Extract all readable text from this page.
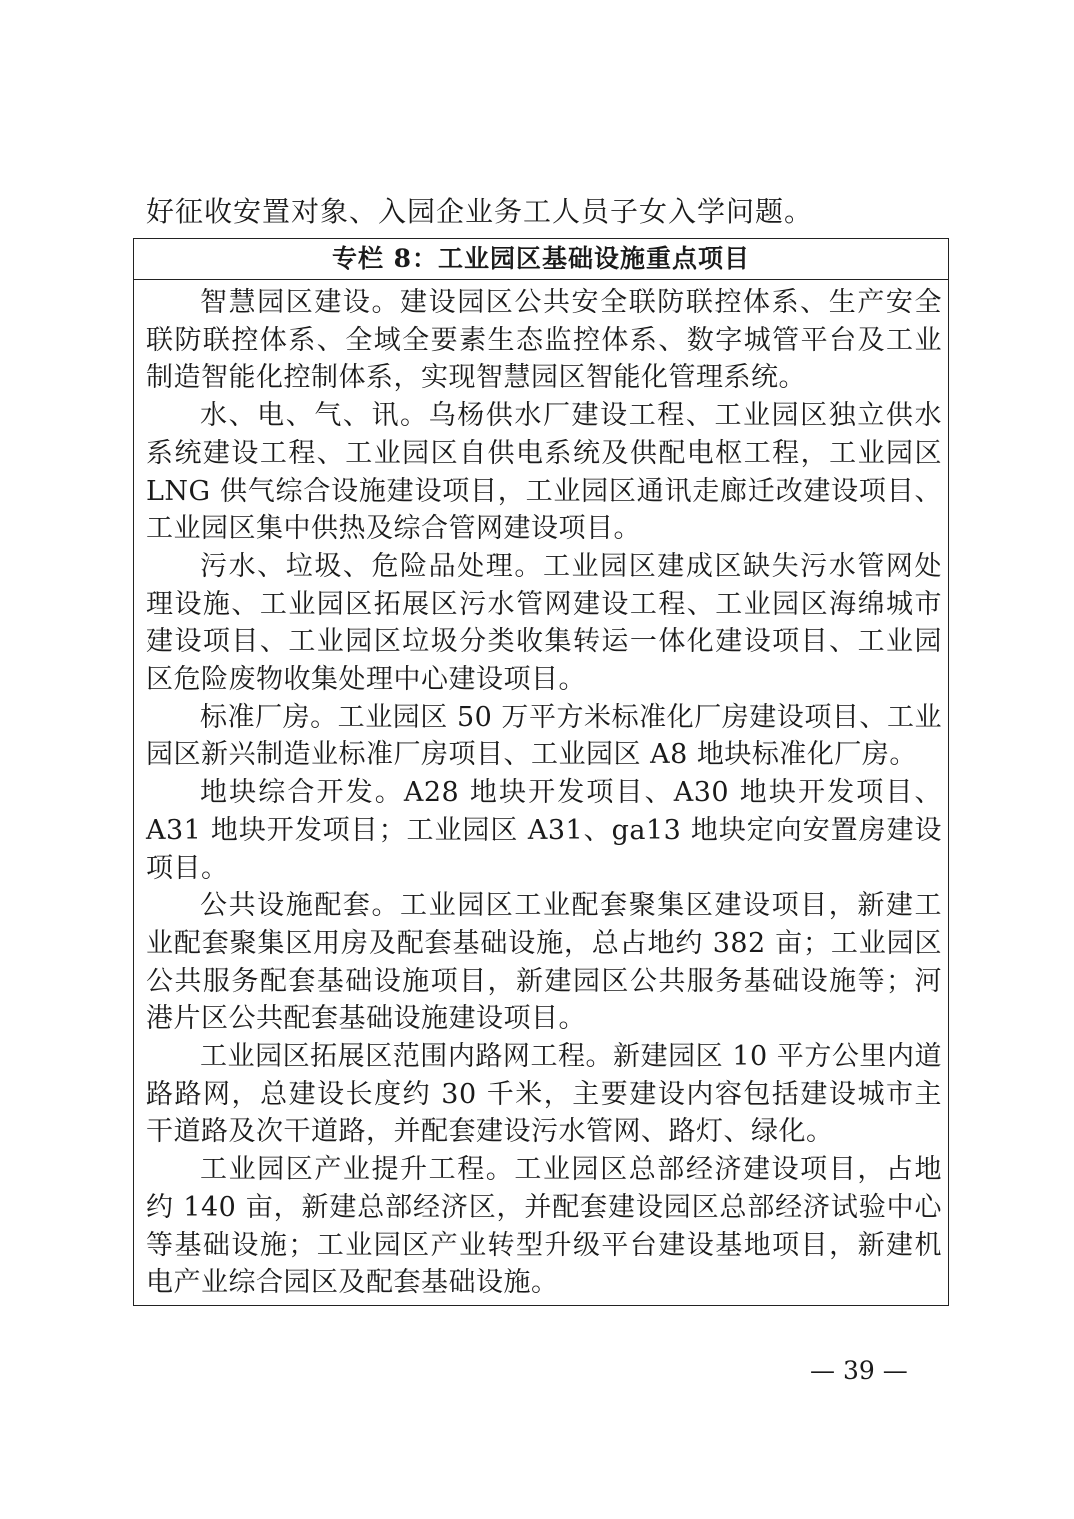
好征收安置对象、入园企业务工人员子女入学问题。
专栏 8：工业园区基础设施重点项目

智慧园区建设。建设园区公共安全联防联控体系、生产安全联防联控体系、全域全要素生态监控体系、数字城管平台及工业制造智能化控制体系，实现智慧园区智能化管理系统。

水、电、气、讯。乌杨供水厂建设工程、工业园区独立供水系统建设工程、工业园区自供电系统及供配电枢工程，工业园区 LNG 供气综合设施建设项目，工业园区通讯走廊迁改建设项目、工业园区集中供热及综合管网建设项目。

污水、垃圾、危险品处理。工业园区建成区缺失污水管网处理设施、工业园区拓展区污水管网建设工程、工业园区海绵城市建设项目、工业园区垃圾分类收集转运一体化建设项目、工业园区危险废物收集处理中心建设项目。

标准厂房。工业园区 50 万平方米标准化厂房建设项目、工业园区新兴制造业标准厂房项目、工业园区 A8 地块标准化厂房。

地块综合开发。A28 地块开发项目、A30 地块开发项目、A31 地块开发项目；工业园区 A31、ga13 地块定向安置房建设项目。

公共设施配套。工业园区工业配套聚集区建设项目，新建工业配套聚集区用房及配套基础设施，总占地约 382 亩；工业园区公共服务配套基础设施项目，新建园区公共服务基础设施等；河港片区公共配套基础设施建设项目。

工业园区拓展区范围内路网工程。新建园区 10 平方公里内道路路网，总建设长度约 30 千米，主要建设内容包括建设城市主干道路及次干道路，并配套建设污水管网、路灯、绿化。

工业园区产业提升工程。工业园区总部经济建设项目，占地约 140 亩，新建总部经济区，并配套建设园区总部经济试验中心等基础设施；工业园区产业转型升级平台建设基地项目，新建机电产业综合园区及配套基础设施。

— 39 —
